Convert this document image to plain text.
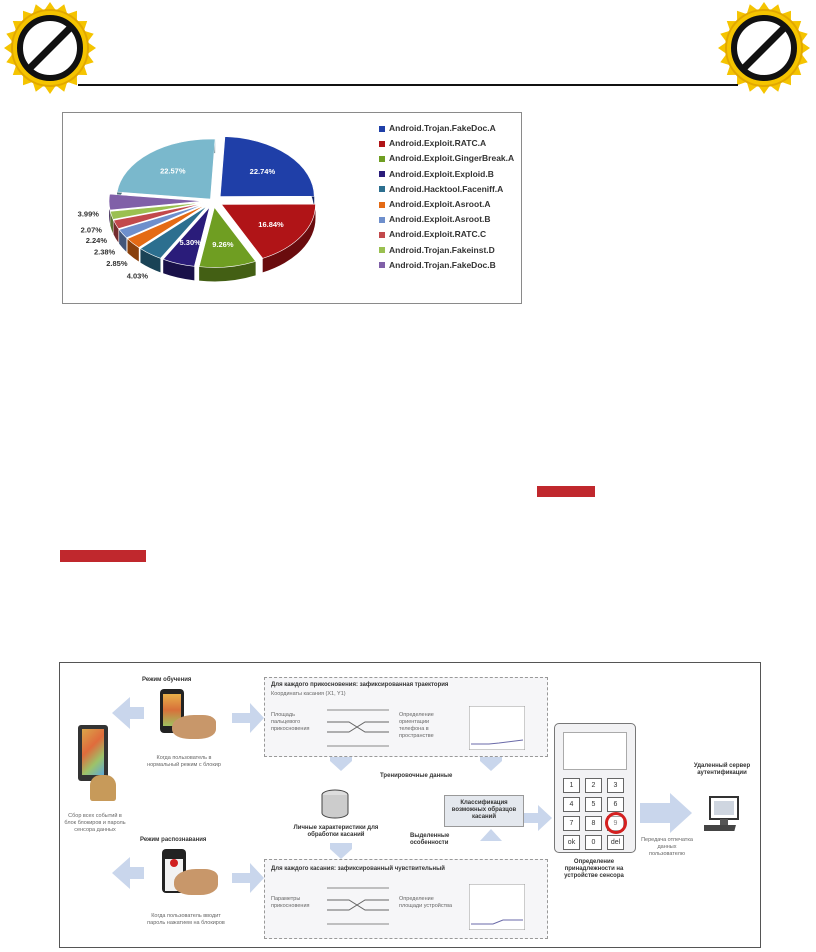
22.74%
16.84%
9.26%
5.30%
4.03%
2.85%
2.38%
2.24%
2.07%
3.99%
22.57%
Android.Trojan.FakeDoc.A
Android.Exploit.RATC.A
Android.Exploit.GingerBreak.A
Android.Exploit.Exploid.B
Android.Hacktool.Faceniff.A
Android.Exploit.Asroot.A
Android.Exploit.Asroot.B
Android.Exploit.RATC.C
Android.Trojan.Fakeinst.D
Android.Trojan.FakeDoc.B
Сбор всех событий в блок блокиров и пароль сенсора данных
Режим обучения
Когда пользователь в нормальный режим с блокир
Режим распознавания
Когда пользователь вводит пароль нажатием на блокиров
Для каждого прикосновения: зафиксированная траектория
Координаты касания (X1, Y1)
Площадь пальцевого прикосновения
Определение ориентации телефона в пространстве
Для каждого касания: зафиксированный чувствительный
Параметры прикосновения
Определение площади устройства
Личные характеристики для обработки касаний
Тренировочные данные
Классификация возможных образцов касаний
Выделенные особенности
1	2	3
4	5	6
7	8	9
ok	0	del
Определение принадлежности на устройстве сенсора
Передача отпечатка данных пользователю
Удаленный сервер аутентификации
